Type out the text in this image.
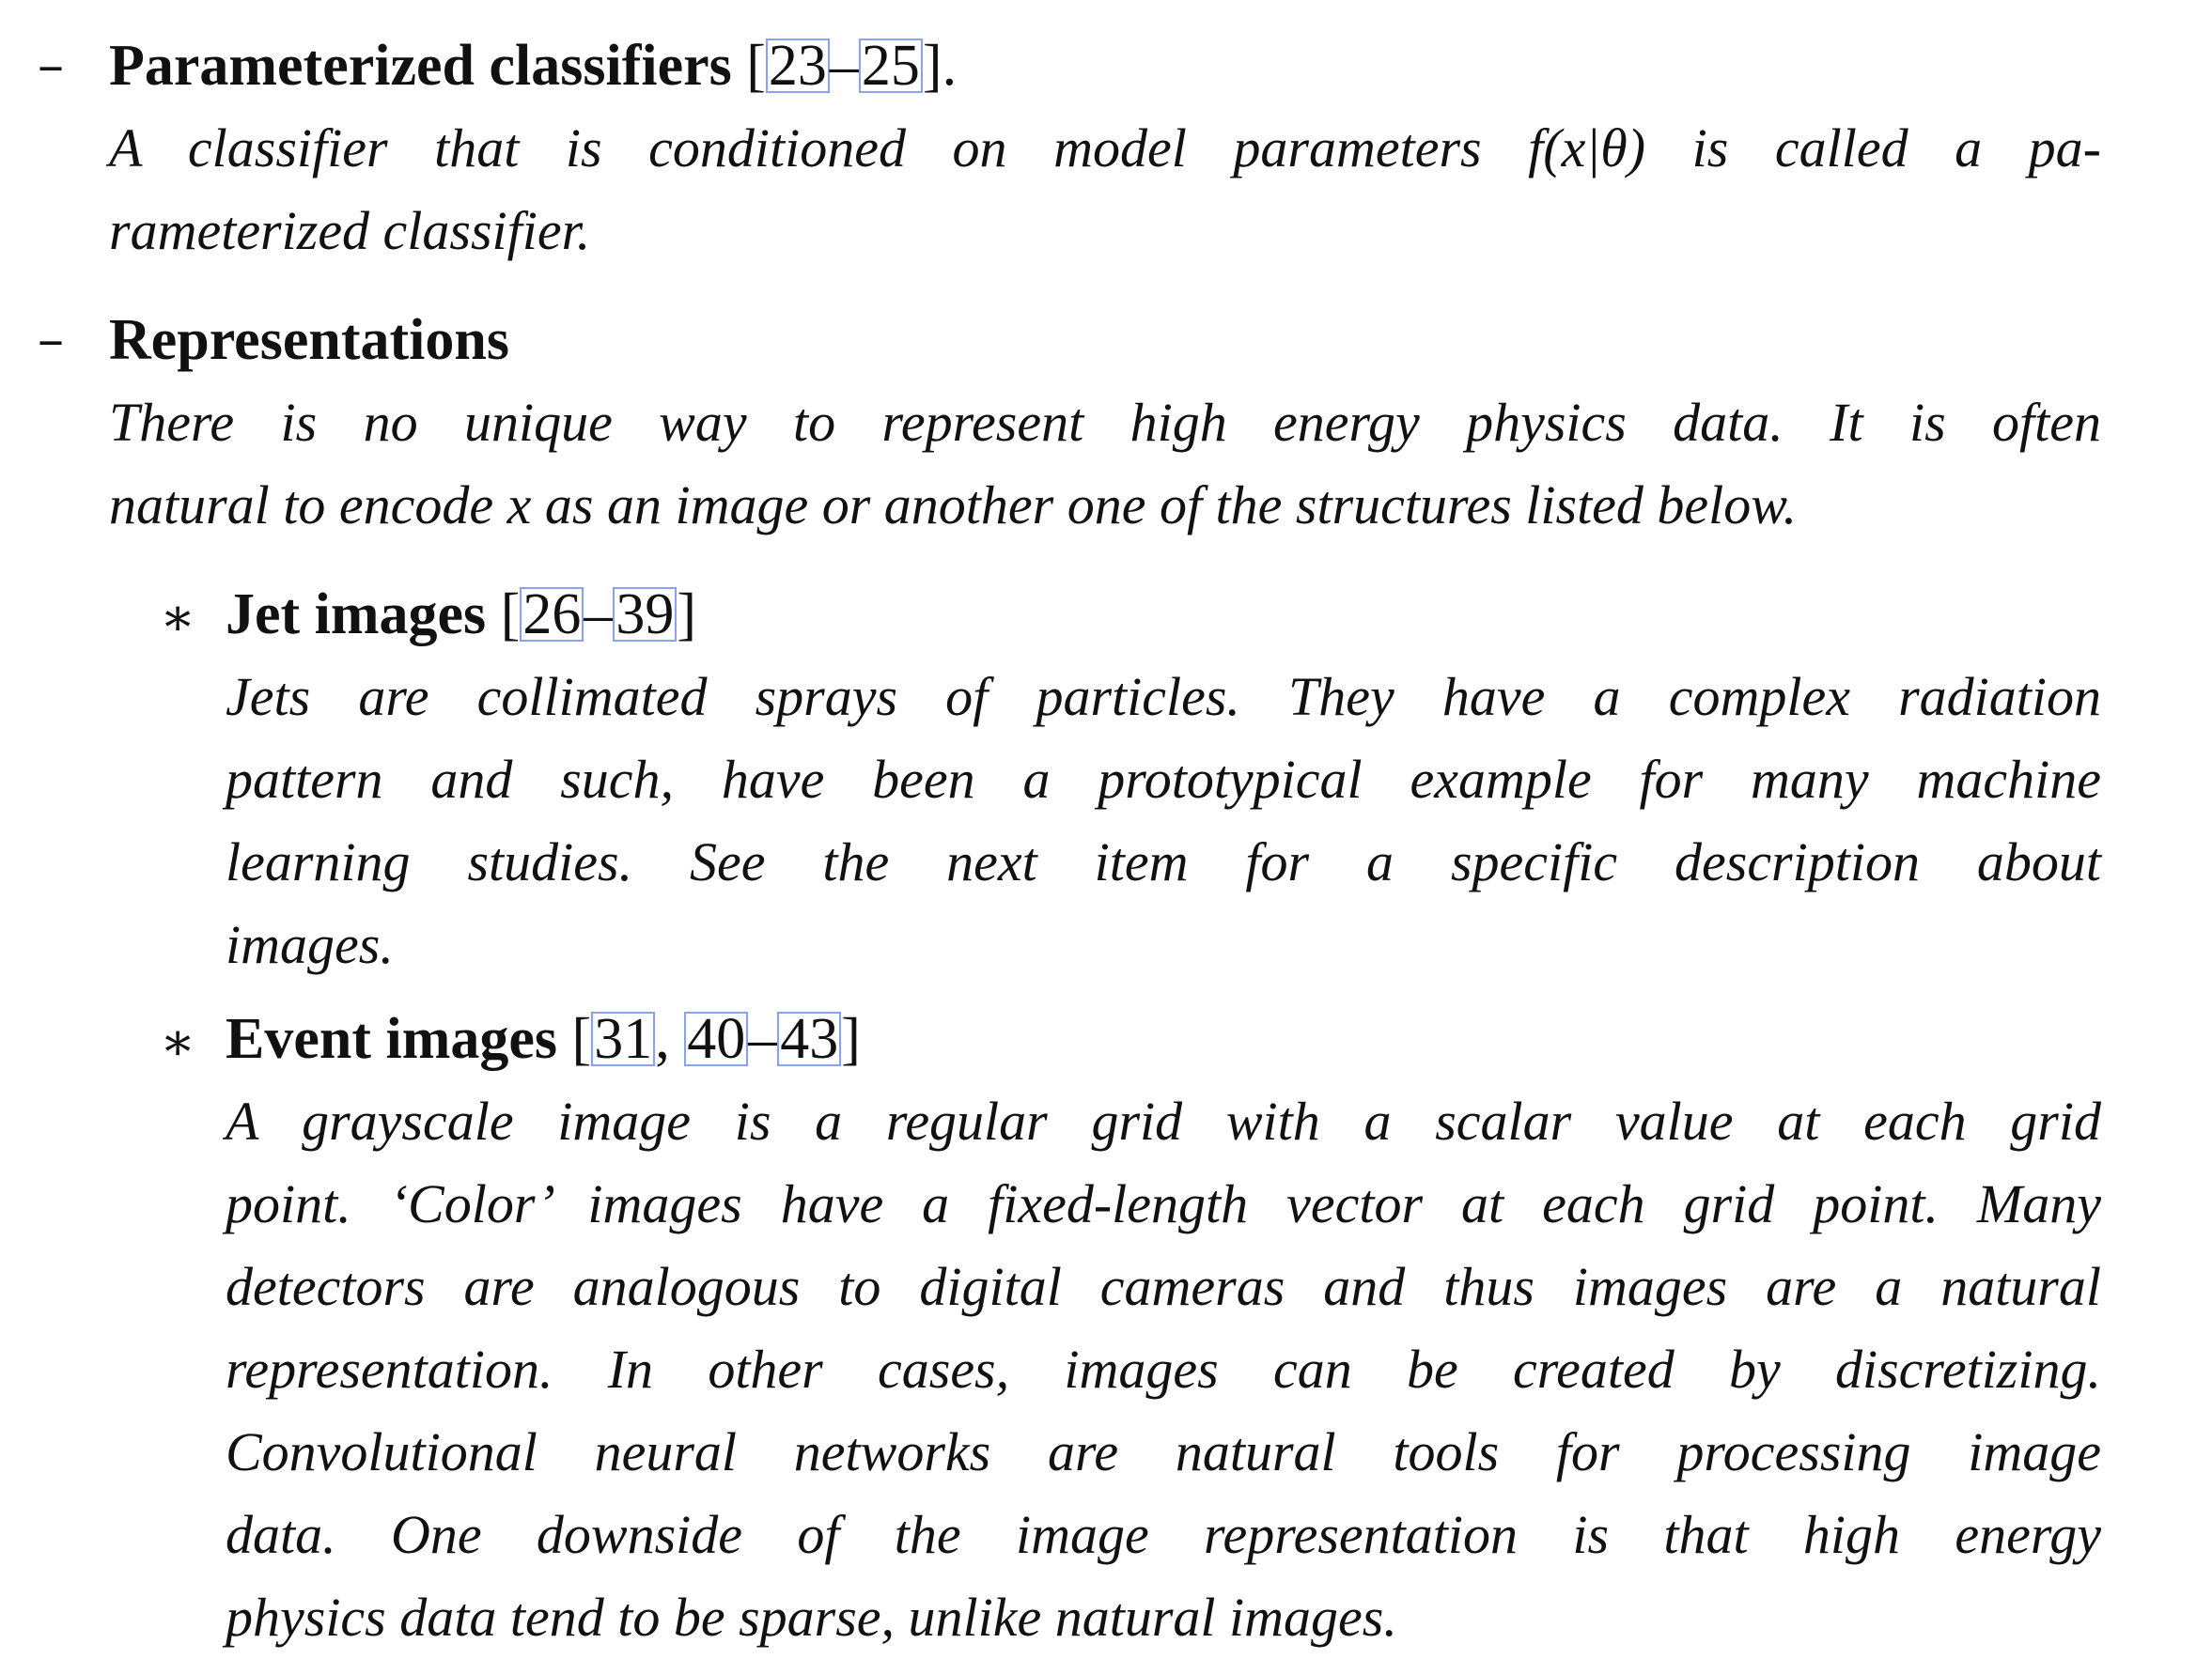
– Parameterized classifiers [23–25].
A classifier that is conditioned on model parameters f(x|θ) is called a pa-
rameterized classifier.
– Representations
There is no unique way to represent high energy physics data. It is often
natural to encode x as an image or another one of the structures listed below.
∗ Jet images [26–39]
Jets are collimated sprays of particles. They have a complex radiation
pattern and such, have been a prototypical example for many machine
learning studies. See the next item for a specific description about
images.
∗ Event images [31, 40–43]
A grayscale image is a regular grid with a scalar value at each grid
point. ‘Color’ images have a fixed-length vector at each grid point. Many
detectors are analogous to digital cameras and thus images are a natural
representation. In other cases, images can be created by discretizing.
Convolutional neural networks are natural tools for processing image
data. One downside of the image representation is that high energy
physics data tend to be sparse, unlike natural images.
